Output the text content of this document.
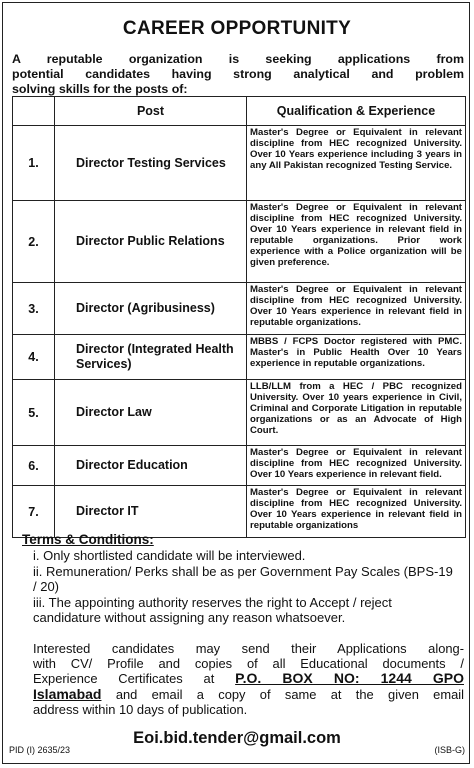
CAREER OPPORTUNITY
A reputable organization is seeking applications from
potential candidates having strong analytical and problem
solving skills for the posts of:
	Post	Qualification & Experience
1.	Director Testing Services	Master's Degree or Equivalent in relevant discipline from HEC recognized University. Over 10 Years experience including 3 years in any All Pakistan recognized Testing Service.
2.	Director Public Relations	Master's Degree or Equivalent in relevant discipline from HEC recognized University. Over 10 Years experience in relevant field in reputable organizations. Prior work experience with a Police organization will be given preference.
3.	Director (Agribusiness)	Master's Degree or Equivalent in relevant discipline from HEC recognized University. Over 10 Years experience in relevant field in reputable organizations.
4.	Director (Integrated Health Services)	MBBS / FCPS Doctor registered with PMC. Master's in Public Health Over 10 Years experience in reputable organizations.
5.	Director Law	LLB/LLM from a HEC / PBC recognized University. Over 10 years experience in Civil, Criminal and Corporate Litigation in reputable organizations or as an Advocate of High Court.
6.	Director Education	Master's Degree or Equivalent in relevant discipline from HEC recognized University. Over 10 Years experience in relevant field.
7.	Director IT	Master's Degree or Equivalent in relevant discipline from HEC recognized University. Over 10 Years experience in relevant field in reputable organizations
Terms & Conditions:
i. Only shortlisted candidate will be interviewed.
ii. Remuneration/ Perks shall be as per Government Pay Scales (BPS-19 / 20)
iii. The appointing authority reserves the right to Accept / reject candidature without assigning any reason whatsoever.
Interested candidates may send their Applications along-
with CV/ Profile and copies of all Educational documents /
Experience Certificates at P.O. BOX NO: 1244 GPO
Islamabad and email a copy of same at the given email
address within 10 days of publication.
Eoi.bid.tender@gmail.com
PID (I) 2635/23	(ISB-G)
